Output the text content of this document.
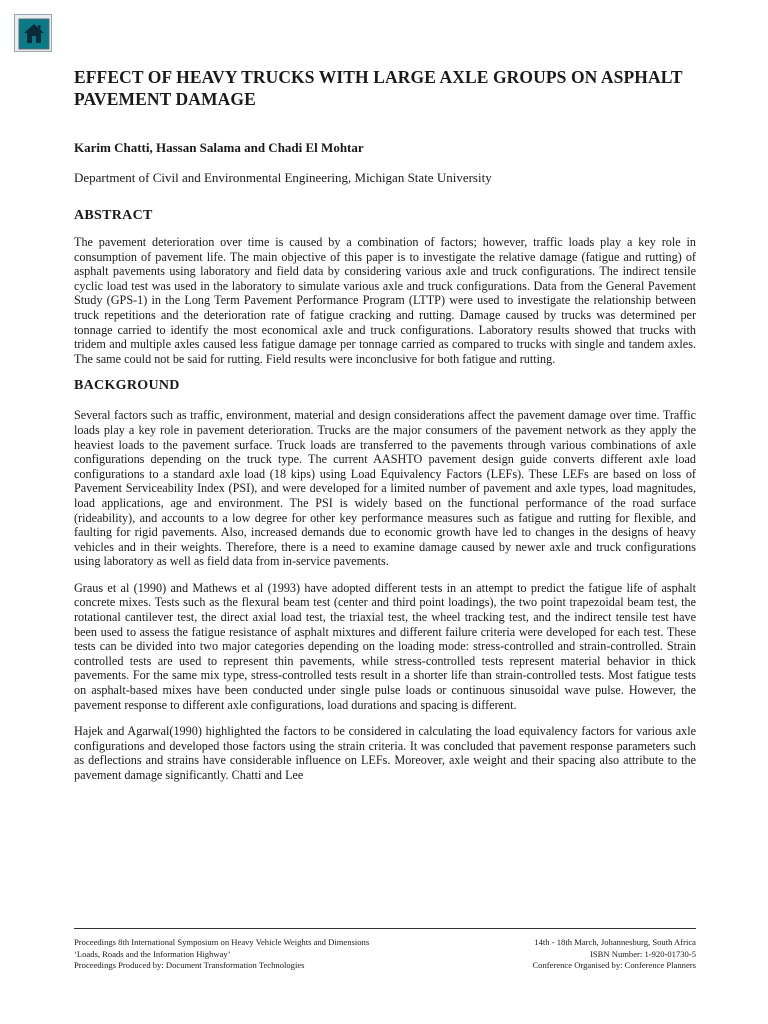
EFFECT OF HEAVY TRUCKS WITH LARGE AXLE GROUPS ON ASPHALT PAVEMENT DAMAGE

Karim Chatti, Hassan Salama and Chadi El Mohtar

Department of Civil and Environmental Engineering, Michigan State University

ABSTRACT

The pavement deterioration over time is caused by a combination of factors; however, traffic loads play a key role in consumption of pavement life. The main objective of this paper is to investigate the relative damage (fatigue and rutting) of asphalt pavements using laboratory and field data by considering various axle and truck configurations. The indirect tensile cyclic load test was used in the laboratory to simulate various axle and truck configurations. Data from the General Pavement Study (GPS-1) in the Long Term Pavement Performance Program (LTTP) were used to investigate the relationship between truck repetitions and the deterioration rate of fatigue cracking and rutting. Damage caused by trucks was determined per tonnage carried to identify the most economical axle and truck configurations. Laboratory results showed that trucks with tridem and multiple axles caused less fatigue damage per tonnage carried as compared to trucks with single and tandem axles. The same could not be said for rutting. Field results were inconclusive for both fatigue and rutting.

BACKGROUND

Several factors such as traffic, environment, material and design considerations affect the pavement damage over time. Traffic loads play a key role in pavement deterioration. Trucks are the major consumers of the pavement network as they apply the heaviest loads to the pavement surface. Truck loads are transferred to the pavements through various combinations of axle configurations depending on the truck type. The current AASHTO pavement design guide converts different axle load configurations to a standard axle load (18 kips) using Load Equivalency Factors (LEFs). These LEFs are based on loss of Pavement Serviceability Index (PSI), and were developed for a limited number of pavement and axle types, load magnitudes, load applications, age and environment. The PSI is widely based on the functional performance of the road surface (rideability), and accounts to a low degree for other key performance measures such as fatigue and rutting for flexible, and faulting for rigid pavements. Also, increased demands due to economic growth have led to changes in the designs of heavy vehicles and in their weights. Therefore, there is a need to examine damage caused by newer axle and truck configurations using laboratory as well as field data from in-service pavements.

Graus et al (1990) and Mathews et al (1993) have adopted different tests in an attempt to predict the fatigue life of asphalt concrete mixes. Tests such as the flexural beam test (center and third point loadings), the two point trapezoidal beam test, the rotational cantilever test, the direct axial load test, the triaxial test, the wheel tracking test, and the indirect tensile test have been used to assess the fatigue resistance of asphalt mixtures and different failure criteria were developed for each test. These tests can be divided into two major categories depending on the loading mode: stress-controlled and strain-controlled. Strain controlled tests are used to represent thin pavements, while stress-controlled tests represent material behavior in thick pavements. For the same mix type, stress-controlled tests result in a shorter life than strain-controlled tests. Most fatigue tests on asphalt-based mixes have been conducted under single pulse loads or continuous sinusoidal wave pulse. However, the pavement response to different axle configurations, load durations and spacing is different.

Hajek and Agarwal(1990) highlighted the factors to be considered in calculating the load equivalency factors for various axle configurations and developed those factors using the strain criteria. It was concluded that pavement response parameters such as deflections and strains have considerable influence on LEFs. Moreover, axle weight and their spacing also attribute to the pavement damage significantly. Chatti and Lee

Proceedings 8th International Symposium on Heavy Vehicle Weights and Dimensions
‘Loads, Roads and the Information Highway’
Proceedings Produced by: Document Transformation Technologies
14th - 18th March, Johannesburg, South Africa
ISBN Number: 1-920-01730-5
Conference Organised by: Conference Planners
